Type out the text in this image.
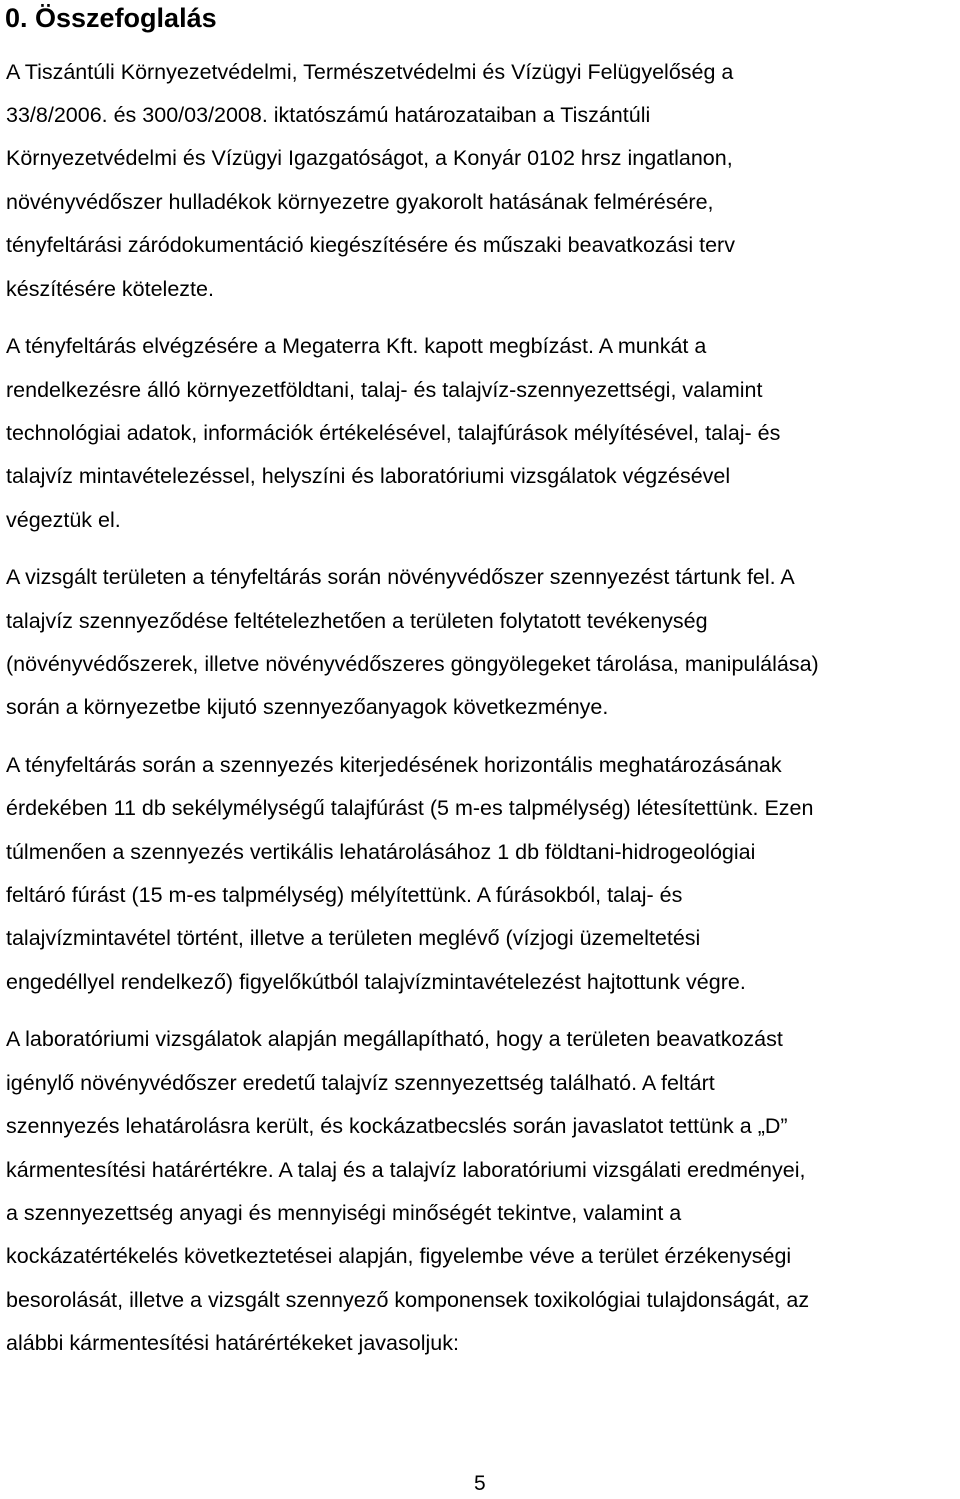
0. Összefoglalás

A Tiszántúli Környezetvédelmi, Természetvédelmi és Vízügyi Felügyelőség a

33/8/2006. és 300/03/2008. iktatószámú határozataiban a Tiszántúli

Környezetvédelmi és Vízügyi Igazgatóságot, a Konyár 0102 hrsz ingatlanon,

növényvédőszer hulladékok környezetre gyakorolt hatásának felmérésére,

tényfeltárási záródokumentáció kiegészítésére és műszaki beavatkozási terv

készítésére kötelezte.

A tényfeltárás elvégzésére a Megaterra Kft. kapott megbízást. A munkát a

rendelkezésre álló környezetföldtani, talaj- és talajvíz-szennyezettségi, valamint

technológiai adatok, információk értékelésével, talajfúrások mélyítésével, talaj- és

talajvíz mintavételezéssel, helyszíni és laboratóriumi vizsgálatok végzésével

végeztük el.

A vizsgált területen a tényfeltárás során növényvédőszer szennyezést tártunk fel. A

talajvíz szennyeződése feltételezhetően a területen folytatott tevékenység

(növényvédőszerek, illetve növényvédőszeres göngyölegeket tárolása, manipulálása)

során a környezetbe kijutó szennyezőanyagok következménye.

A tényfeltárás során a szennyezés kiterjedésének horizontális meghatározásának

érdekében 11 db sekélymélységű talajfúrást (5 m-es talpmélység) létesítettünk. Ezen

túlmenően a szennyezés vertikális lehatárolásához 1 db földtani-hidrogeológiai

feltáró fúrást (15 m-es talpmélység) mélyítettünk. A fúrásokból, talaj- és

talajvízmintavétel történt, illetve a területen meglévő (vízjogi üzemeltetési

engedéllyel rendelkező) figyelőkútból talajvízmintavételezést hajtottunk végre.

A laboratóriumi vizsgálatok alapján megállapítható, hogy a területen beavatkozást

igénylő növényvédőszer eredetű talajvíz szennyezettség található. A feltárt

szennyezés lehatárolásra került, és kockázatbecslés során javaslatot tettünk a „D”

kármentesítési határértékre. A talaj és a talajvíz laboratóriumi vizsgálati eredményei,

a szennyezettség anyagi és mennyiségi minőségét tekintve, valamint a

kockázatértékelés következtetései alapján, figyelembe véve a terület érzékenységi

besorolását, illetve a vizsgált szennyező komponensek toxikológiai tulajdonságát, az

alábbi kármentesítési határértékeket javasoljuk:

5
